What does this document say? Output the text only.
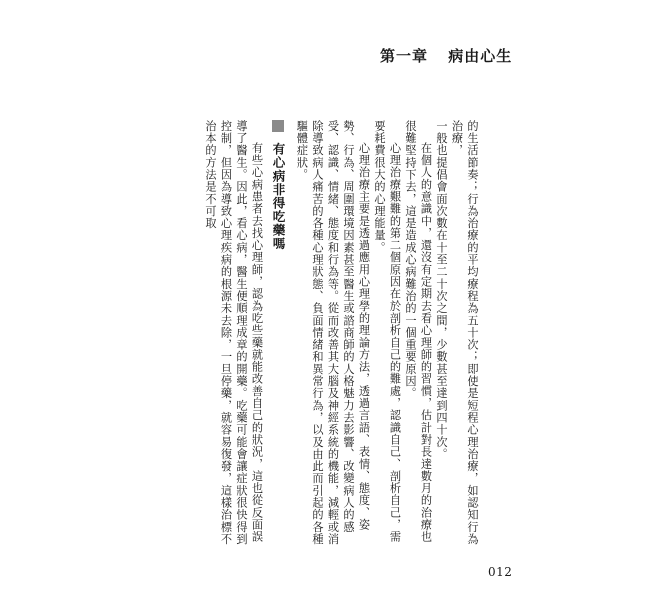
第一章 病由心生

的生活節奏；行為治療的平均療程為五十次；即使是短程心理治療，如認知行為治療，

一般也提倡會面次數在十至二十次之間，少數甚至達到四十次。

在個人的意識中，還沒有定期去看心理師的習慣，估計對長達數月的治療也很難堅持下去，這是造成心病難治的一個重要原因。

心理治療艱難的第二個原因在於剖析自己的難處，認識自己、剖析自己，需要耗費很大的心理能量。

心理治療主要是透過應用心理學的理論方法，透過言語、表情、態度、姿勢、行為、周圍環境因素甚至醫生或諮商師的人格魅力去影響、改變病人的感受、認識、情緒、態度和行為等。從而改善其大腦及神經系統的機能，減輕或消除導致病人痛苦的各種心理狀態、負面情緒和異常行為，以及由此而引起的各種驅體症狀。

有心病非得吃藥嗎

有些心病患者去找心理師，認為吃些藥就能改善自己的狀況，這也從反面誤導了醫生。因此，看心病，醫生便順理成章的開藥。吃藥可能會讓症狀很快得到控制，但因為導致心理疾病的根源未去除，一旦停藥，就容易復發，這樣治標不治本的方法是不可取

012
